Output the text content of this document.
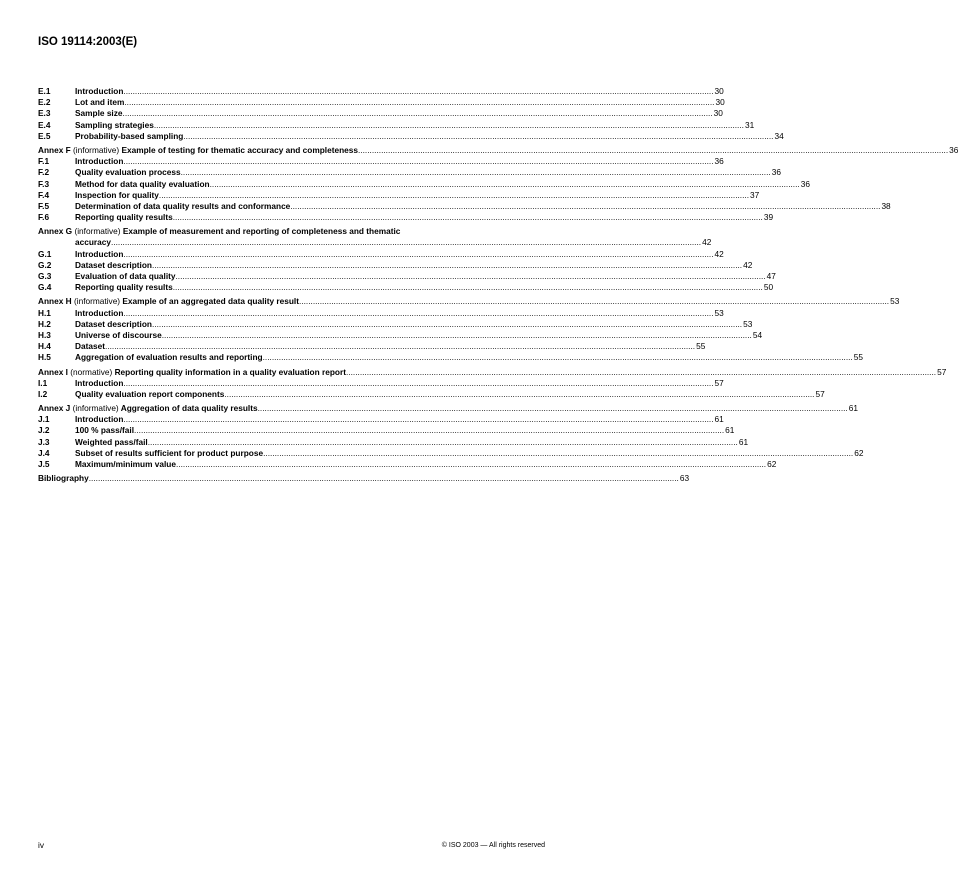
ISO 19114:2003(E)
E.1	Introduction .....	30
E.2	Lot and item .....	30
E.3	Sample size .....	30
E.4	Sampling strategies .....	31
E.5	Probability-based sampling .....	34
Annex F (informative) Example of testing for thematic accuracy and completeness .....	36
F.1	Introduction .....	36
F.2	Quality evaluation process .....	36
F.3	Method for data quality evaluation .....	36
F.4	Inspection for quality .....	37
F.5	Determination of data quality results and conformance .....	38
F.6	Reporting quality results .....	39
Annex G (informative) Example of measurement and reporting of completeness and thematic
accuracy .....	42
G.1	Introduction .....	42
G.2	Dataset description .....	42
G.3	Evaluation of data quality .....	47
G.4	Reporting quality results .....	50
Annex H (informative) Example of an aggregated data quality result .....	53
H.1	Introduction .....	53
H.2	Dataset description .....	53
H.3	Universe of discourse .....	54
H.4	Dataset .....	55
H.5	Aggregation of evaluation results and reporting .....	55
Annex I (normative) Reporting quality information in a quality evaluation report .....	57
I.1	Introduction .....	57
I.2	Quality evaluation report components .....	57
Annex J (informative) Aggregation of data quality results .....	61
J.1	Introduction .....	61
J.2	100 % pass/fail .....	61
J.3	Weighted pass/fail .....	61
J.4	Subset of results sufficient for product purpose .....	62
J.5	Maximum/minimum value .....	62
Bibliography .....	63
iv	© ISO 2003 — All rights reserved
